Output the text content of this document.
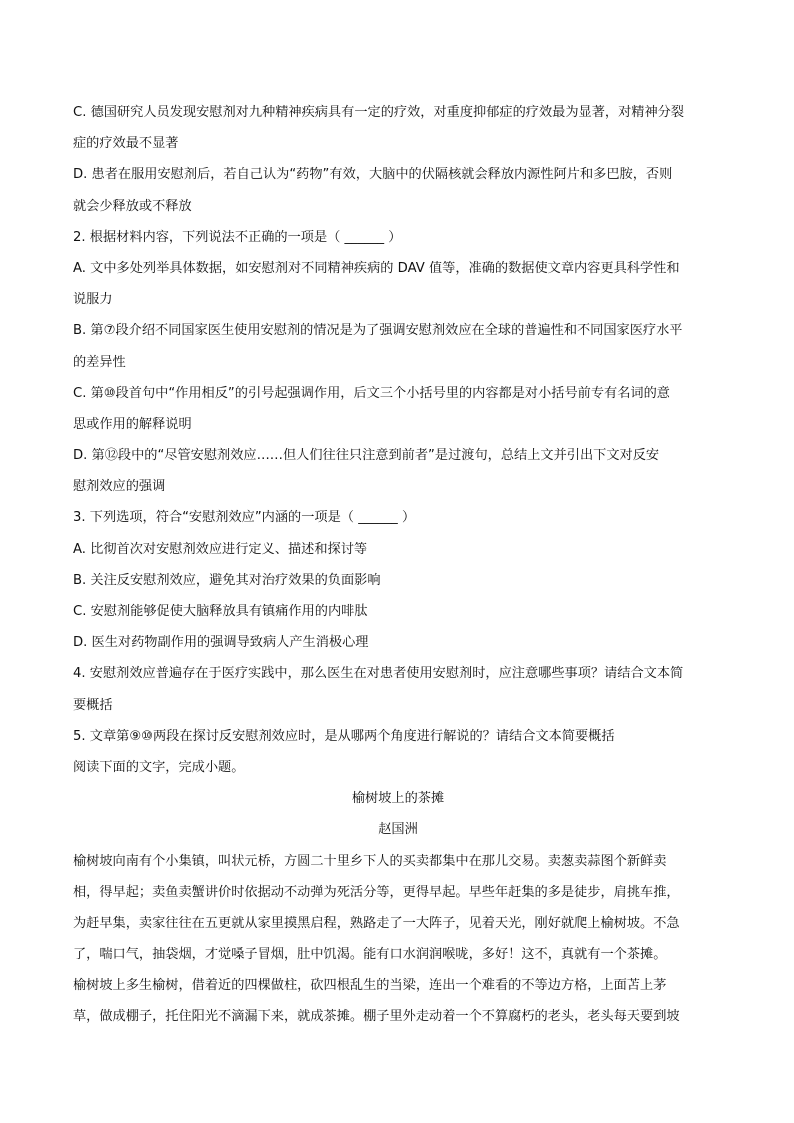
C. 德国研究人员发现安慰剂对九种精神疾病具有一定的疗效，对重度抑郁症的疗效最为显著，对精神分裂
症的疗效最不显著
D. 患者在服用安慰剂后，若自己认为“药物”有效，大脑中的伏隔核就会释放内源性阿片和多巴胺，否则
就会少释放或不释放
2. 根据材料内容，下列说法不正确的一项是（ ______ ）
A. 文中多处列举具体数据，如安慰剂对不同精神疾病的 DAV 值等，准确的数据使文章内容更具科学性和
说服力
B. 第⑦段介绍不同国家医生使用安慰剂的情况是为了强调安慰剂效应在全球的普遍性和不同国家医疗水平
的差异性
C. 第⑩段首句中“作用相反”的引号起强调作用，后文三个小括号里的内容都是对小括号前专有名词的意
思或作用的解释说明
D. 第⑫段中的“尽管安慰剂效应……但人们往往只注意到前者”是过渡句，总结上文并引出下文对反安
慰剂效应的强调
3. 下列选项，符合“安慰剂效应”内涵的一项是（ ______ ）
A. 比彻首次对安慰剂效应进行定义、描述和探讨等
B. 关注反安慰剂效应，避免其对治疗效果的负面影响
C. 安慰剂能够促使大脑释放具有镇痛作用的内啡肽
D. 医生对药物副作用的强调导致病人产生消极心理
4. 安慰剂效应普遍存在于医疗实践中，那么医生在对患者使用安慰剂时，应注意哪些事项？请结合文本简
要概括
5. 文章第⑨⑩两段在探讨反安慰剂效应时，是从哪两个角度进行解说的？请结合文本简要概括
阅读下面的文字，完成小题。
榆树坡上的茶摊
赵国洲
榆树坡向南有个小集镇，叫状元桥，方圆二十里乡下人的买卖都集中在那儿交易。卖葱卖蒜图个新鲜卖
相，得早起；卖鱼卖蟹讲价时依据动不动弹为死活分等，更得早起。早些年赶集的多是徒步，肩挑车推，
为赶早集，卖家往往在五更就从家里摸黑启程，熟路走了一大阵子，见着天光，刚好就爬上榆树坡。不急
了，喘口气，抽袋烟，才觉嗓子冒烟，肚中饥渴。能有口水润润喉咙，多好！这不，真就有一个茶摊。
榆树坡上多生榆树，借着近的四棵做柱，砍四根乱生的当梁，连出一个难看的不等边方格，上面苫上茅
草，做成棚子，托住阳光不滴漏下来，就成茶摊。棚子里外走动着一个不算腐朽的老头，老头每天要到坡
